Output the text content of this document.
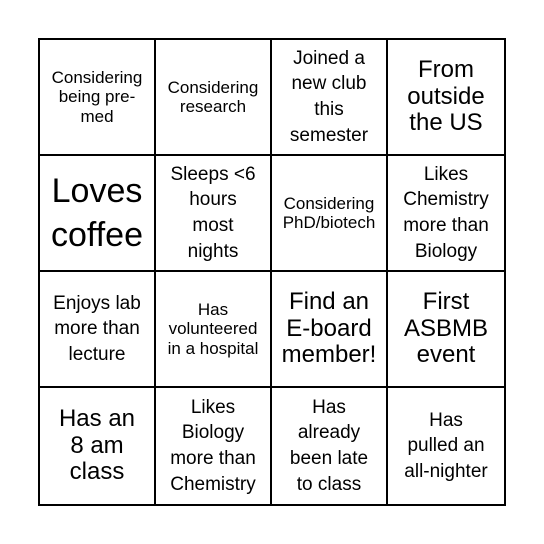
Considering
being pre-
med
Considering
research
Joined a
new club
this
semester
From
outside
the US
Loves
coffee
Sleeps <6
hours
most
nights
Considering
PhD/biotech
Likes
Chemistry
more than
Biology
Enjoys lab
more than
lecture
Has
volunteered
in a hospital
Find an
E-board
member!
First
ASBMB
event
Has an
8 am
class
Likes
Biology
more than
Chemistry
Has
already
been late
to class
Has
pulled an
all-nighter
